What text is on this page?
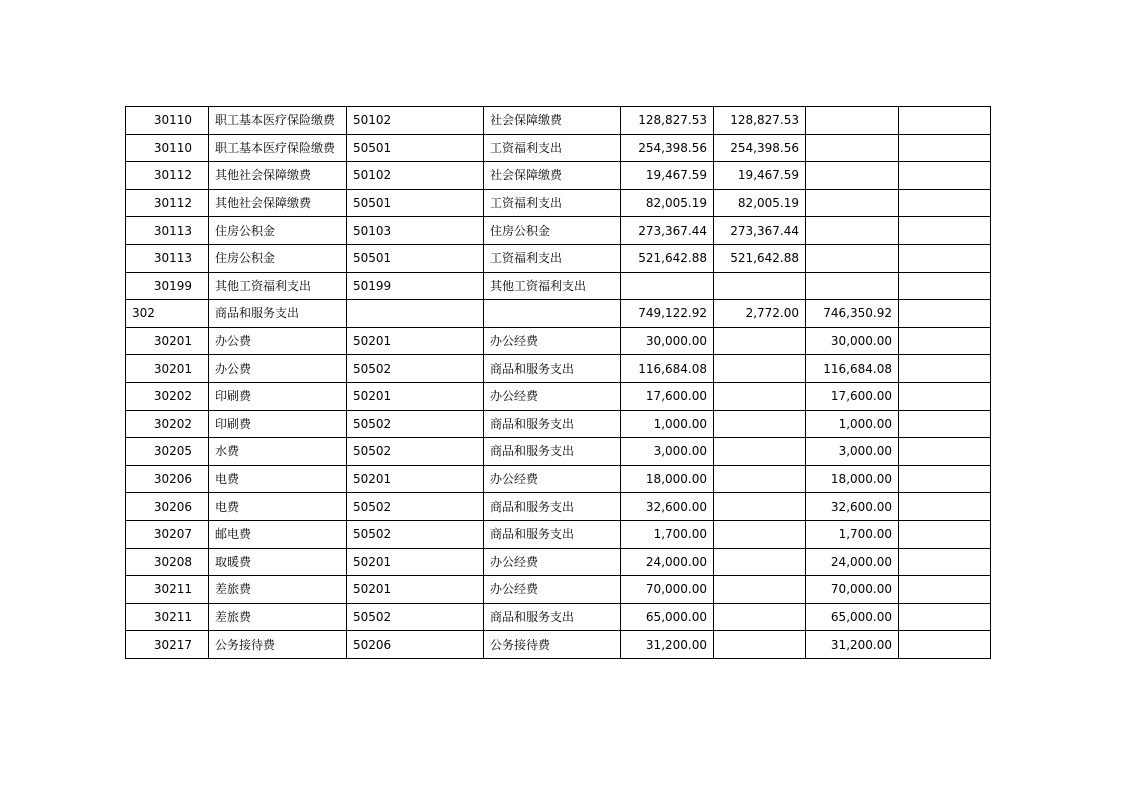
30110	职工基本医疗保险缴费	50102	社会保障缴费	128,827.53	128,827.53		
30110	职工基本医疗保险缴费	50501	工资福利支出	254,398.56	254,398.56		
30112	其他社会保障缴费	50102	社会保障缴费	19,467.59	19,467.59		
30112	其他社会保障缴费	50501	工资福利支出	82,005.19	82,005.19		
30113	住房公积金	50103	住房公积金	273,367.44	273,367.44		
30113	住房公积金	50501	工资福利支出	521,642.88	521,642.88		
30199	其他工资福利支出	50199	其他工资福利支出				
302	商品和服务支出			749,122.92	2,772.00	746,350.92	
30201	办公费	50201	办公经费	30,000.00		30,000.00	
30201	办公费	50502	商品和服务支出	116,684.08		116,684.08	
30202	印刷费	50201	办公经费	17,600.00		17,600.00	
30202	印刷费	50502	商品和服务支出	1,000.00		1,000.00	
30205	水费	50502	商品和服务支出	3,000.00		3,000.00	
30206	电费	50201	办公经费	18,000.00		18,000.00	
30206	电费	50502	商品和服务支出	32,600.00		32,600.00	
30207	邮电费	50502	商品和服务支出	1,700.00		1,700.00	
30208	取暖费	50201	办公经费	24,000.00		24,000.00	
30211	差旅费	50201	办公经费	70,000.00		70,000.00	
30211	差旅费	50502	商品和服务支出	65,000.00		65,000.00	
30217	公务接待费	50206	公务接待费	31,200.00		31,200.00	
